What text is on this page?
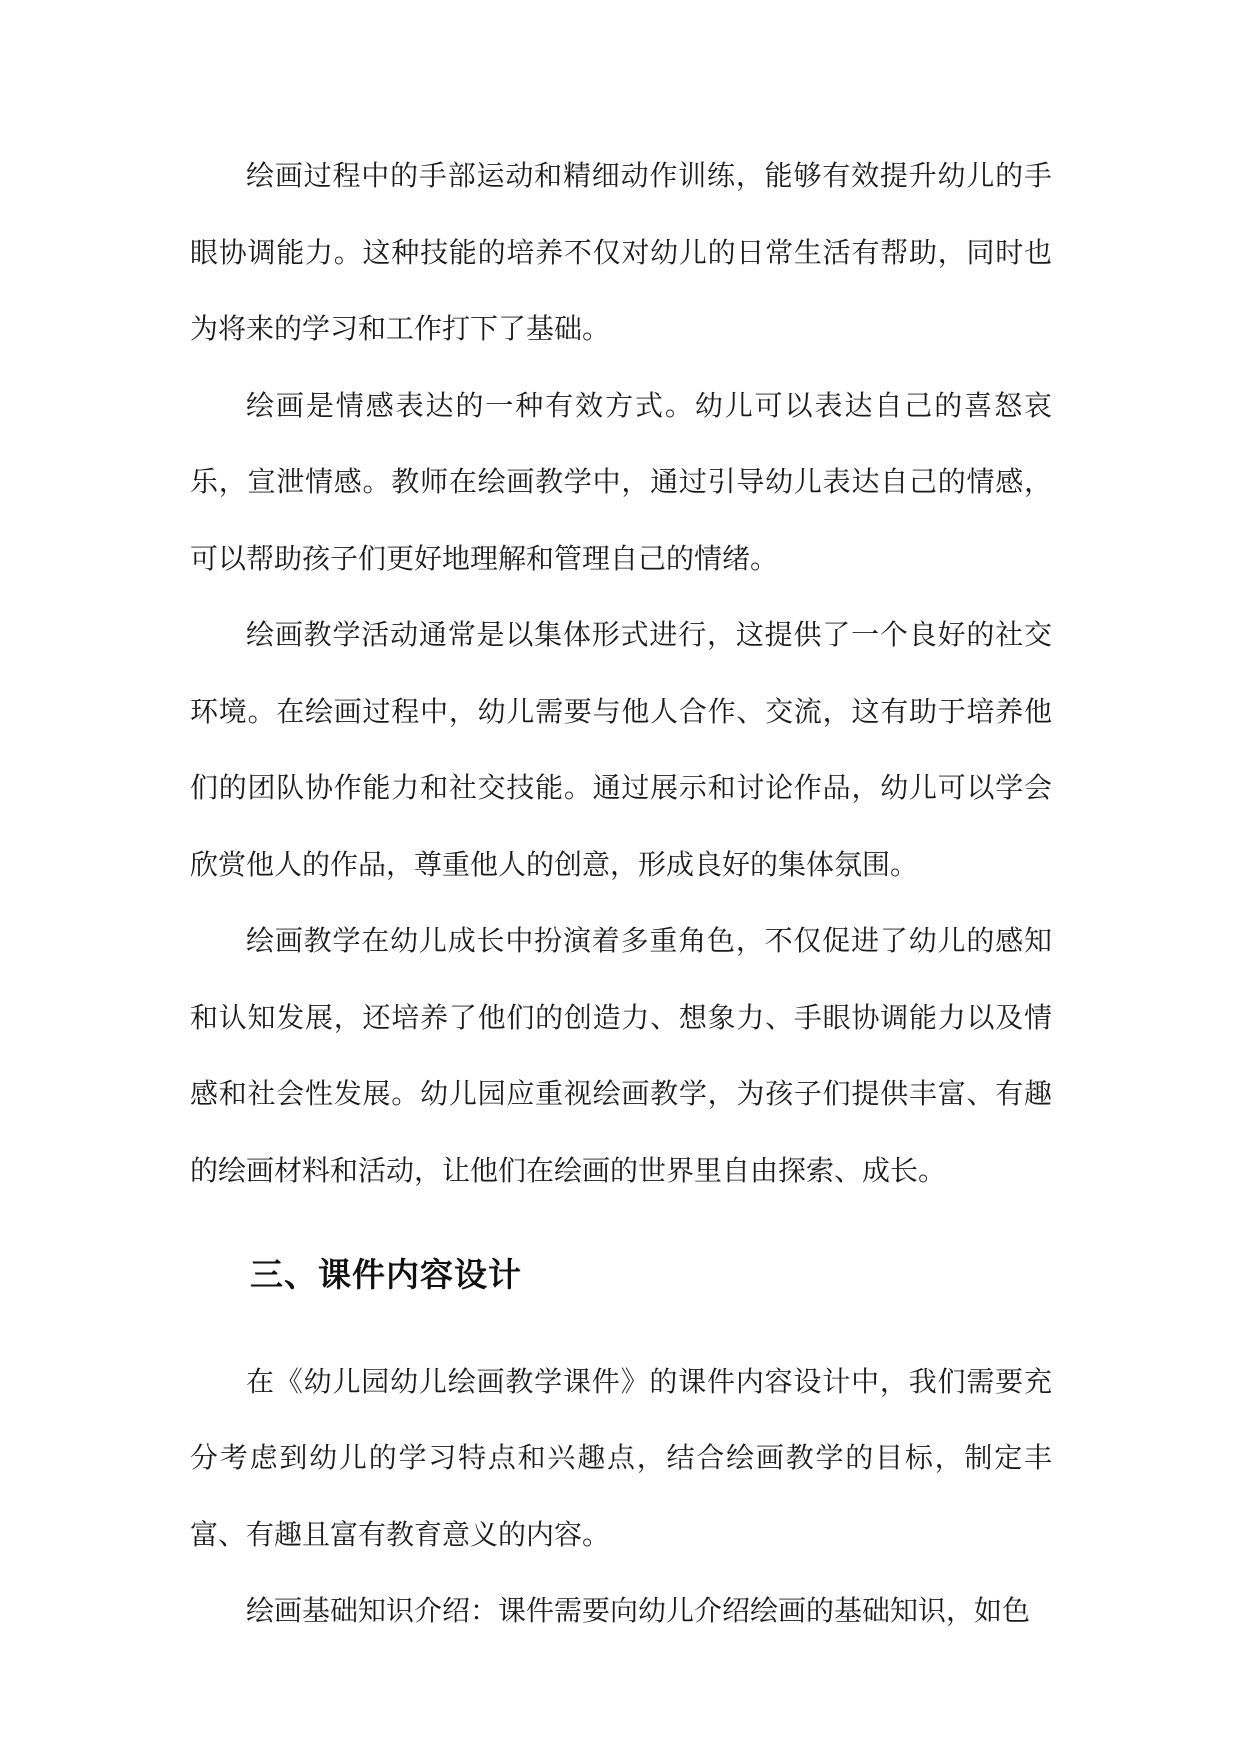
绘画过程中的手部运动和精细动作训练，能够有效提升幼儿的手眼协调能力。这种技能的培养不仅对幼儿的日常生活有帮助，同时也为将来的学习和工作打下了基础。

绘画是情感表达的一种有效方式。幼儿可以表达自己的喜怒哀乐，宣泄情感。教师在绘画教学中，通过引导幼儿表达自己的情感，可以帮助孩子们更好地理解和管理自己的情绪。

绘画教学活动通常是以集体形式进行，这提供了一个良好的社交环境。在绘画过程中，幼儿需要与他人合作、交流，这有助于培养他们的团队协作能力和社交技能。通过展示和讨论作品，幼儿可以学会欣赏他人的作品，尊重他人的创意，形成良好的集体氛围。

绘画教学在幼儿成长中扮演着多重角色，不仅促进了幼儿的感知和认知发展，还培养了他们的创造力、想象力、手眼协调能力以及情感和社会性发展。幼儿园应重视绘画教学，为孩子们提供丰富、有趣的绘画材料和活动，让他们在绘画的世界里自由探索、成长。

三、课件内容设计

在《幼儿园幼儿绘画教学课件》的课件内容设计中，我们需要充分考虑到幼儿的学习特点和兴趣点，结合绘画教学的目标，制定丰富、有趣且富有教育意义的内容。

绘画基础知识介绍：课件需要向幼儿介绍绘画的基础知识，如色
